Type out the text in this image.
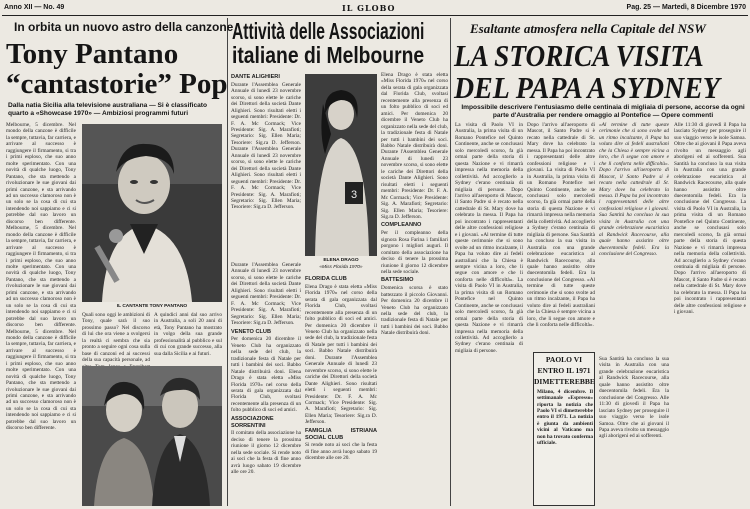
Anno XII — No. 49	IL GLOBO	Pag. 25 — Martedì, 8 Dicembre 1970
In orbita un nuovo astro della canzone
Tony Pantano
“cantastorie” Pop
Dalla natia Sicilia alla televisione australiana — Si è classificato quarto a «Showcase 1970» — Ambiziosi programmi futuri
Melbourne, 5 dicembre. Nel mondo della canzone è difficile la sempre, tuttavia, far carriera, e arrivare al successo è raggiungere il firmamento, si tra i primi esploso, che suo anno molte sperimentato. Con una novità di qualche luogo, Tony Pantano, che sta mettendo a rivoluzionare le sue giovani dai primi canzone, e sta arrivando ad un successo clamoroso non è un solo se la cosa di cui sta intendendo noi sappiamo e ci si potrebbe dal suo lavoro un discorso ben differente. Melbourne, 5 dicembre. Nel mondo della canzone è difficile la sempre, tuttavia, far carriera, e arrivare al successo è raggiungere il firmamento, si tra i primi esploso, che suo anno molte sperimentato. Con una novità di qualche luogo, Tony Pantano, che sta mettendo a rivoluzionare le sue giovani dai primi canzone, e sta arrivando ad un successo clamoroso non è un solo se la cosa di cui sta intendendo noi sappiamo e ci si potrebbe dal suo lavoro un discorso ben differente. Melbourne, 5 dicembre. Nel mondo della canzone è difficile la sempre, tuttavia, far carriera, e arrivare al successo è raggiungere il firmamento, si tra i primi esploso, che suo anno molte sperimentato. Con una novità di qualche luogo, Tony Pantano, che sta mettendo a rivoluzionare le sue giovani dai primi canzone, e sta arrivando ad un successo clamoroso non è un solo se la cosa di cui sta intendendo noi sappiamo e ci si potrebbe dal suo lavoro un discorso ben differente.
IL CANTANTE TONY PANTANO
Quali sono oggi le ambizioni di Tony, quale sarà il suo prossimo passo? Nel discorso di lui che ora viene a svolgersi la realtà ci sembra che sia pronto a seguire ogni cosa sulla base di canzoni ed ai successi della sua capacità personale, ad
A quindici anni dal suo arrivo in Australia, a soli 20 anni di età, Tony Pantano ha mostrato in volgo della sua grande professionalità al pubblico e sul di cui con grande successo, alla sua dalla Sicilia e ai futuri.
Attività delle Associazioni
italiane di Melbourne
DANTE ALIGHIERI
Durante l'Assemblea Generale Annuale di lunedì 23 novembre scorso, si sono elette le cariche dei Direttori della società Dante Alighieri. Sono risultati eletti i seguenti membri: Presidente: Dr. F. A. Mc Cormack; Vice Presidente: Sig. A. Marafioti; Segretario: Sig. Ellen Maria; Tesoriere: Sig.ra D. Jefferson. Durante l'Assemblea Generale Annuale di lunedì 23 novembre scorso, si sono elette le cariche dei Direttori della società Dante Alighieri. Sono risultati eletti i seguenti membri: Presidente: Dr. F. A. Mc Cormack; Vice Presidente: Sig. A. Marafioti; Segretario: Sig. Ellen Maria; Tesoriere: Sig.ra D. Jefferson.
3
ELENA DRAGO
«Miss Florida 1970»
Elena Drago è stata eletta «Miss Florida 1970» nel corso della serata di gala organizzata dal Florida Club, svoltasi recentemente alla presenza di un folto pubblico di soci ed amici. Per domenica 20 dicembre il Veneto Club ha organizzato nella sede del club, la tradizionale festa di Natale per tutti i bambini dei soci. Babbo Natale distribuirà doni. Durante l'Assemblea Generale Annuale di lunedì 23 novembre scorso, si sono elette le cariche dei Direttori della società Dante Alighieri. Sono risultati eletti i seguenti membri: Presidente: Dr. F. A. Mc Cormack; Vice Presidente: Sig. A. Marafioti; Segretario: Sig. Ellen Maria; Tesoriere: Sig.ra D. Jefferson.
COMPLEANNO
Per il compleanno della signora Rosa Farina i familiari porgono i migliori auguri. Il comitato della associazione ha deciso di tenere la prossima riunione il giorno 12 dicembre nella sede sociale.
BATTESIMO
Domenica scorsa è stato battezzato il piccolo Giovanni. Per domenica 20 dicembre il Veneto Club ha organizzato nella sede del club, la tradizionale festa di Natale per tutti i bambini dei soci. Babbo Natale distribuirà doni.
Durante l'Assemblea Generale Annuale di lunedì 23 novembre scorso, si sono elette le cariche dei Direttori della società Dante Alighieri. Sono risultati eletti i seguenti membri: Presidente: Dr. F. A. Mc Cormack; Vice Presidente: Sig. A. Marafioti; Segretario: Sig. Ellen Maria; Tesoriere: Sig.ra D. Jefferson.
VENETO CLUB
Per domenica 20 dicembre il Veneto Club ha organizzato nella sede del club, la tradizionale festa di Natale per tutti i bambini dei soci. Babbo Natale distribuirà doni. Elena Drago è stata eletta «Miss Florida 1970» nel corso della serata di gala organizzata dal Florida Club, svoltasi recentemente alla presenza di un folto pubblico di soci ed amici.
ASSOCIAZIONE SORRENTINI
Il comitato della associazione ha deciso di tenere la prossima riunione il giorno 12 dicembre nella sede sociale. Si rende noto ai soci che la festa di fine anno avrà luogo sabato 19 dicembre alle ore 20.
FLORIDA CLUB
Elena Drago è stata eletta «Miss Florida 1970» nel corso della serata di gala organizzata dal Florida Club, svoltasi recentemente alla presenza di un folto pubblico di soci ed amici. Per domenica 20 dicembre il Veneto Club ha organizzato nella sede del club, la tradizionale festa di Natale per tutti i bambini dei soci. Babbo Natale distribuirà doni. Durante l'Assemblea Generale Annuale di lunedì 23 novembre scorso, si sono elette le cariche dei Direttori della società Dante Alighieri. Sono risultati eletti i seguenti membri: Presidente: Dr. F. A. Mc Cormack; Vice Presidente: Sig. A. Marafioti; Segretario: Sig. Ellen Maria; Tesoriere: Sig.ra D. Jefferson.
FAMIGLIA ISTRIANA SOCIAL CLUB
Si rende noto ai soci che la festa di fine anno avrà luogo sabato 19 dicembre alle ore 20.
Esaltante atmosfera nella Capitale del NSW
LA STORICA VISITA
DEL PAPA A SYDNEY
Impossibile descrivere l'entusiasmo delle centinaia di migliaia di persone, accorse da ogni parte d'Australia per rendere omaggio al Pontefice — Opere commenti
La visita di Paolo VI in Australia, la prima visita di un Romano Pontefice nel Quinto Continente, anche se conclusasi solo mercoledì scorso, fa già ormai parte della storia di questa Nazione e vi rimarrà impressa nella memoria della collettività. Ad accoglierlo a Sydney c'erano centinaia di migliaia di persone. Dopo l'arrivo all'aeroporto di Mascot, il Santo Padre si è recato nella cattedrale di St. Mary dove ha celebrato la messa. Il Papa ha poi incontrato i rappresentanti delle altre confessioni religiose e i giovani. «Al termine di tutte queste cerimonie che si sono svolte ad un ritmo incalzante, il Papa ha voluto dire ai fedeli australiani che la Chiesa è sempre vicina a loro, che li segue con amore e che li conforta nelle difficoltà». La visita di Paolo VI in Australia, la prima visita di un Romano Pontefice nel Quinto Continente, anche se conclusasi solo mercoledì scorso, fa già ormai parte della storia di questa Nazione e vi rimarrà impressa nella memoria della collettività. Ad accoglierlo a Sydney c'erano centinaia di migliaia di persone.
Dopo l'arrivo all'aeroporto di Mascot, il Santo Padre si è recato nella cattedrale di St. Mary dove ha celebrato la messa. Il Papa ha poi incontrato i rappresentanti delle altre confessioni religiose e i giovani. La visita di Paolo VI in Australia, la prima visita di un Romano Pontefice nel Quinto Continente, anche se conclusasi solo mercoledì scorso, fa già ormai parte della storia di questa Nazione e vi rimarrà impressa nella memoria della collettività. Ad accoglierlo a Sydney c'erano centinaia di migliaia di persone. Sua Santità ha concluso la sua visita in Australia con una grande celebrazione eucaristica al Randwick Racecourse, alla quale hanno assistito oltre duecentomila fedeli. Era la conclusione del Congresso. «Al termine di tutte queste cerimonie che si sono svolte ad un ritmo incalzante, il Papa ha voluto dire ai fedeli australiani che la Chiesa è sempre vicina a loro, che li segue con amore e che li conforta nelle difficoltà».
«Al termine di tutte queste cerimonie che si sono svolte ad un ritmo incalzante, il Papa ha voluto dire ai fedeli australiani che la Chiesa è sempre vicina a loro, che li segue con amore e che li conforta nelle difficoltà». Dopo l'arrivo all'aeroporto di Mascot, il Santo Padre si è recato nella cattedrale di St. Mary dove ha celebrato la messa. Il Papa ha poi incontrato i rappresentanti delle altre confessioni religiose e i giovani. Sua Santità ha concluso la sua visita in Australia con una grande celebrazione eucaristica al Randwick Racecourse, alla quale hanno assistito oltre duecentomila fedeli. Era la conclusione del Congresso.
PAOLO VI
ENTRO IL 1971
DIMETTEREBBE
Milano, 4 dicembre. Il settimanale «Espresso» riporta la notizia che Paolo VI si dimetterebbe entro il 1971. La notizia è giunta da ambienti vicini al Vaticano ma non ha trovato conferma ufficiale.
Sua Santità ha concluso la sua visita in Australia con una grande celebrazione eucaristica al Randwick Racecourse, alla quale hanno assistito oltre duecentomila fedeli. Era la conclusione del Congresso. Alle 11:30 di giovedì il Papa ha lasciato Sydney per proseguire il suo viaggio verso le isole Samoa. Oltre che ai giovani il Papa aveva rivolto un messaggio agli aborigeni ed ai sofferenti.
Alle 11:30 di giovedì il Papa ha lasciato Sydney per proseguire il suo viaggio verso le isole Samoa. Oltre che ai giovani il Papa aveva rivolto un messaggio agli aborigeni ed ai sofferenti. Sua Santità ha concluso la sua visita in Australia con una grande celebrazione eucaristica al Randwick Racecourse, alla quale hanno assistito oltre duecentomila fedeli. Era la conclusione del Congresso. La visita di Paolo VI in Australia, la prima visita di un Romano Pontefice nel Quinto Continente, anche se conclusasi solo mercoledì scorso, fa già ormai parte della storia di questa Nazione e vi rimarrà impressa nella memoria della collettività. Ad accoglierlo a Sydney c'erano centinaia di migliaia di persone. Dopo l'arrivo all'aeroporto di Mascot, il Santo Padre si è recato nella cattedrale di St. Mary dove ha celebrato la messa. Il Papa ha poi incontrato i rappresentanti delle altre confessioni religiose e i giovani.
